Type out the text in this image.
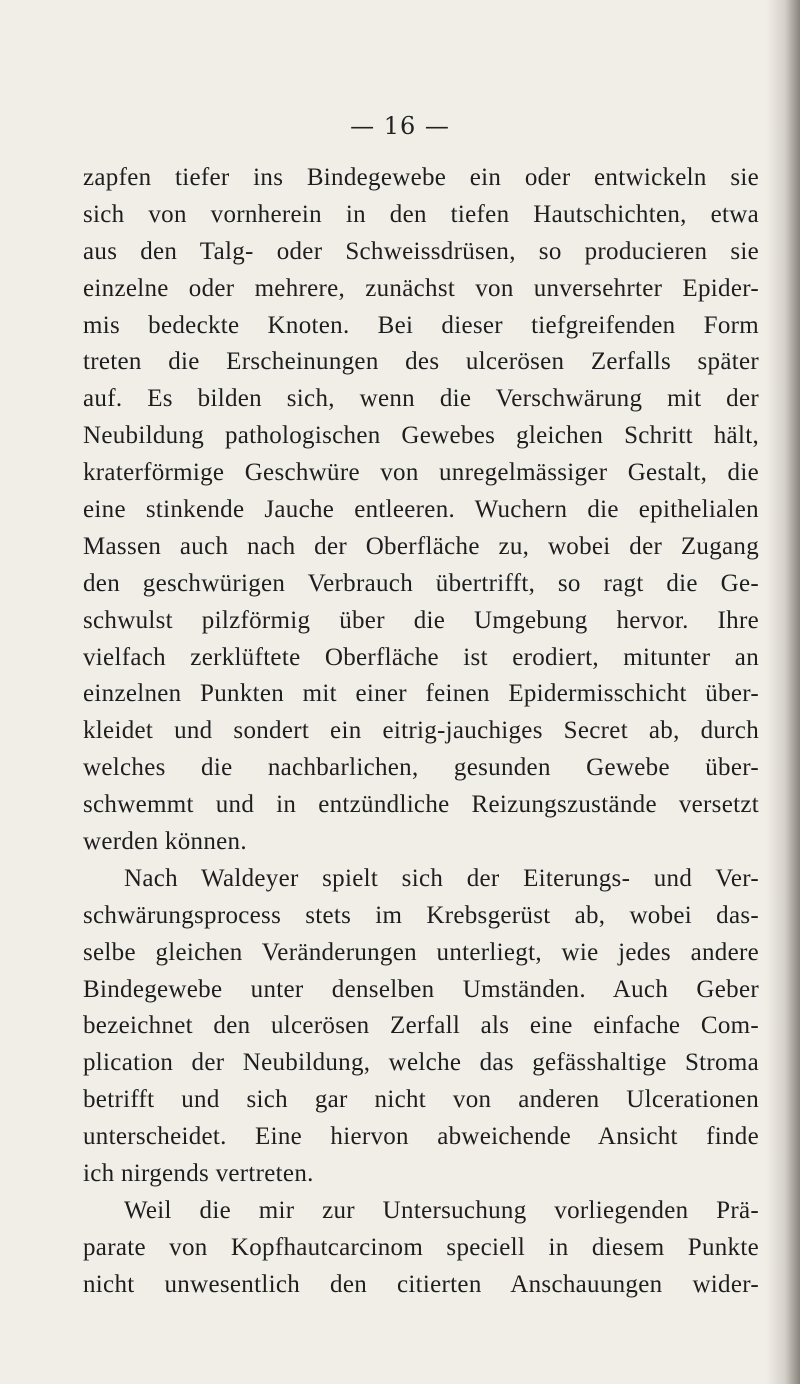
— 16 —
zapfen tiefer ins Bindegewebe ein oder entwickeln sie
sich von vornherein in den tiefen Hautschichten, etwa
aus den Talg- oder Schweissdrüsen, so producieren sie
einzelne oder mehrere, zunächst von unversehrter Epider-
mis bedeckte Knoten. Bei dieser tiefgreifenden Form
treten die Erscheinungen des ulcerösen Zerfalls später
auf. Es bilden sich, wenn die Verschwärung mit der
Neubildung pathologischen Gewebes gleichen Schritt hält,
kraterförmige Geschwüre von unregelmässiger Gestalt, die
eine stinkende Jauche entleeren. Wuchern die epithelialen
Massen auch nach der Oberfläche zu, wobei der Zugang
den geschwürigen Verbrauch übertrifft, so ragt die Ge-
schwulst pilzförmig über die Umgebung hervor. Ihre
vielfach zerklüftete Oberfläche ist erodiert, mitunter an
einzelnen Punkten mit einer feinen Epidermisschicht über-
kleidet und sondert ein eitrig-jauchiges Secret ab, durch
welches die nachbarlichen, gesunden Gewebe über-
schwemmt und in entzündliche Reizungszustände versetzt
werden können.
Nach Waldeyer spielt sich der Eiterungs- und Ver-
schwärungsprocess stets im Krebsgerüst ab, wobei das-
selbe gleichen Veränderungen unterliegt, wie jedes andere
Bindegewebe unter denselben Umständen. Auch Geber
bezeichnet den ulcerösen Zerfall als eine einfache Com-
plication der Neubildung, welche das gefässhaltige Stroma
betrifft und sich gar nicht von anderen Ulcerationen
unterscheidet. Eine hiervon abweichende Ansicht finde
ich nirgends vertreten.
Weil die mir zur Untersuchung vorliegenden Prä-
parate von Kopfhautcarcinom speciell in diesem Punkte
nicht unwesentlich den citierten Anschauungen wider-
